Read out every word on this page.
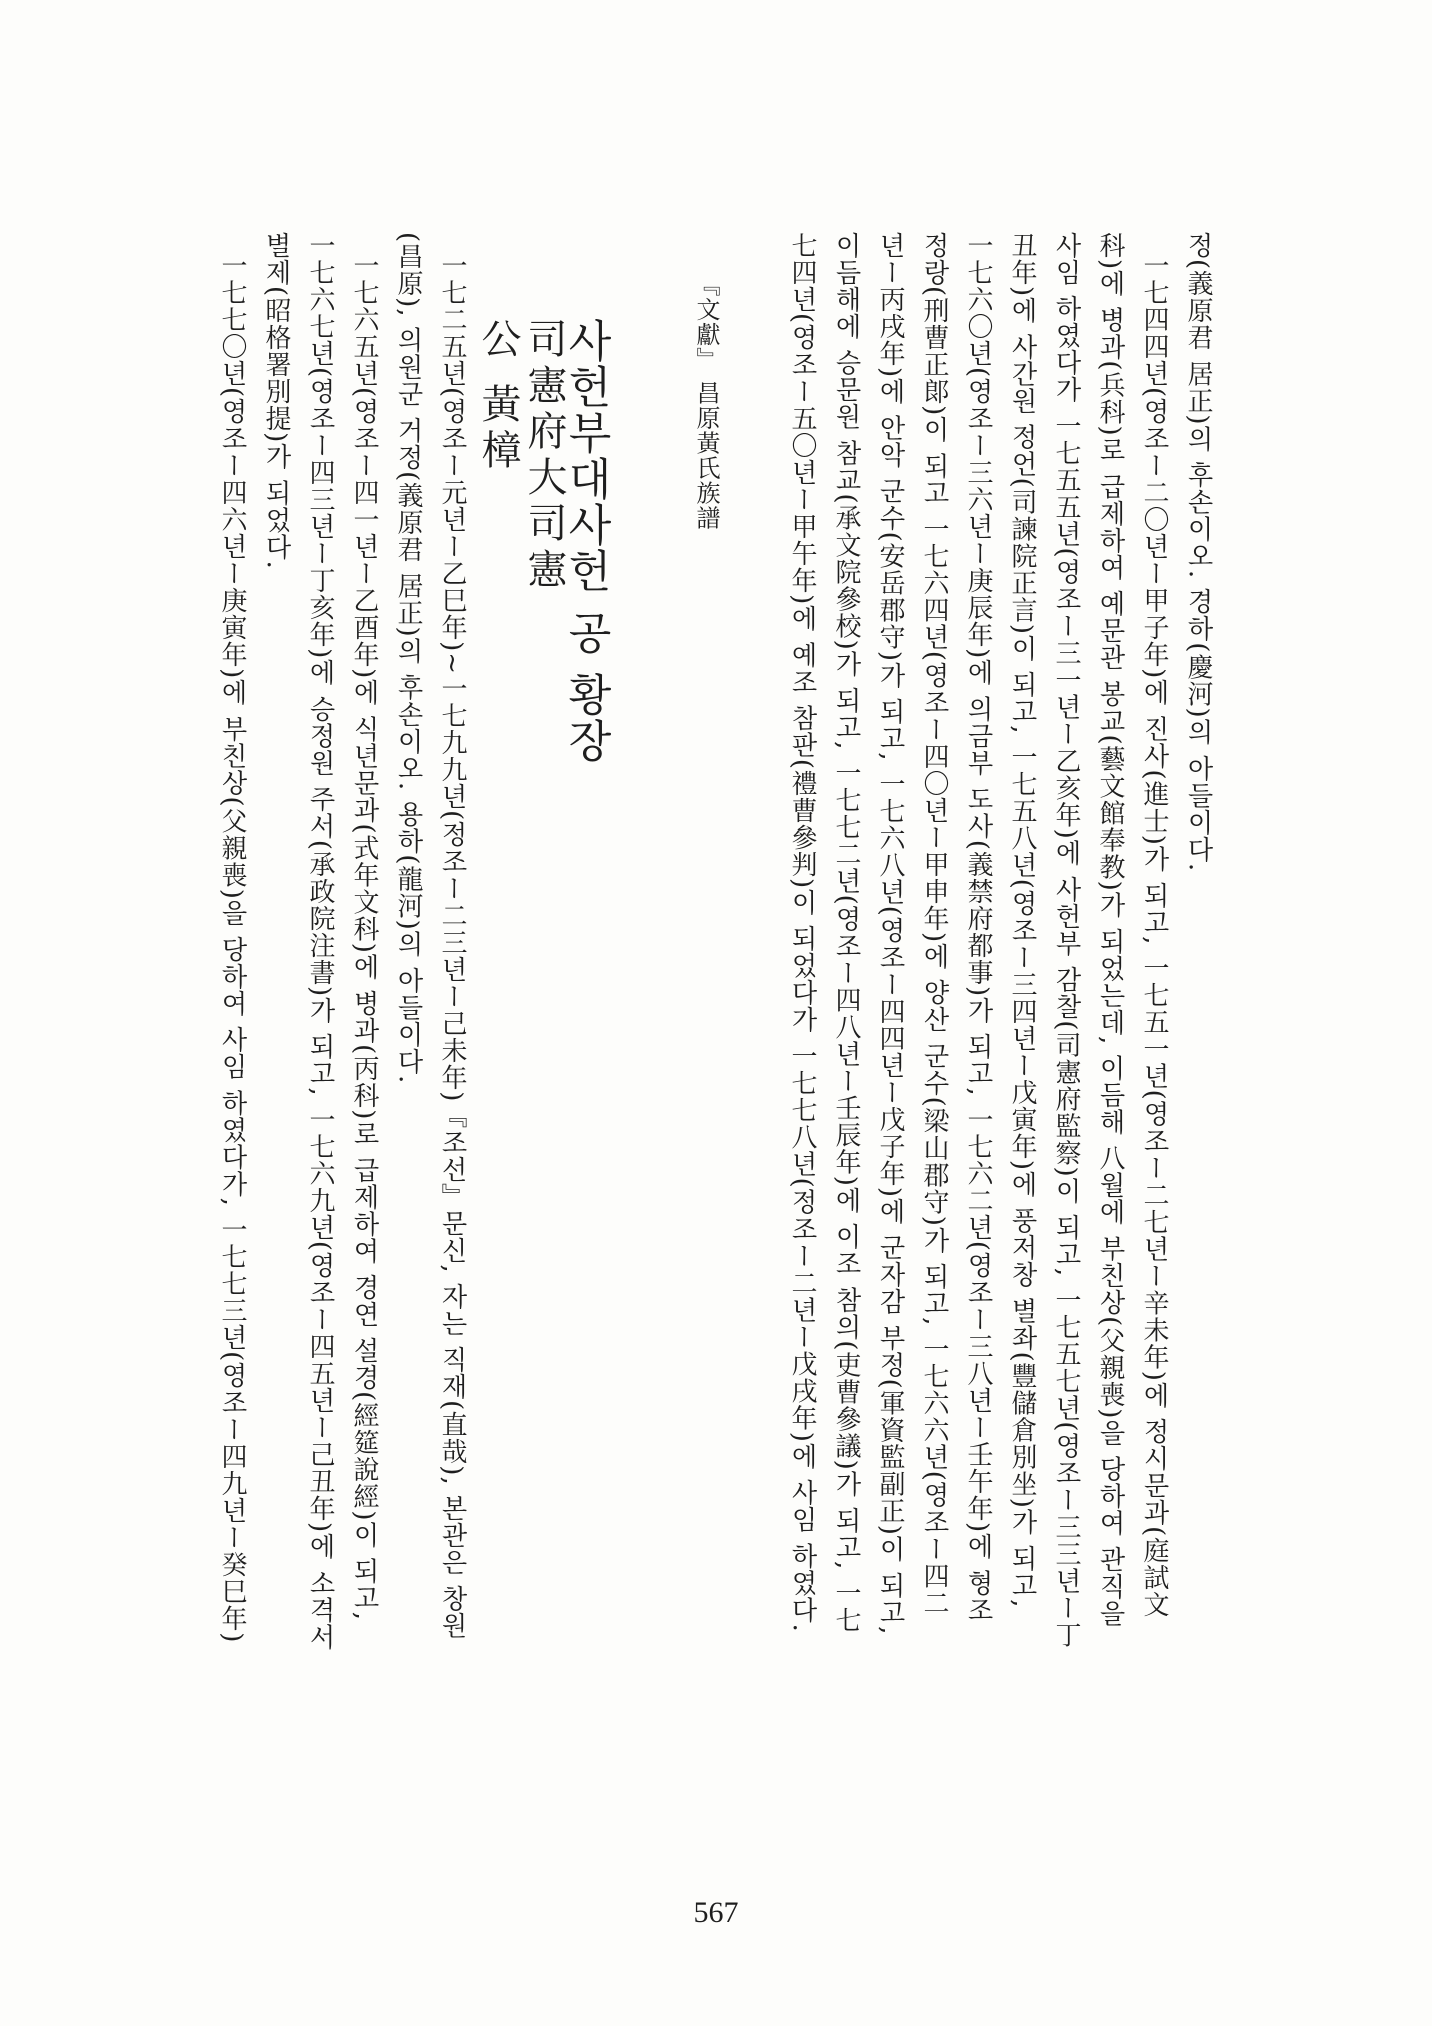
정(義原君 居正)의 후손이오. 경하(慶河)의 아들이다.
一七四四년(영조ー二〇년ー甲子年)에 진사(進士)가 되고, 一七五一년(영조ー二七년ー辛未年)에 정시문과(庭試文
科)에 병과(兵科)로 급제하여 예문관 봉교(藝文館奉教)가 되었는데, 이듬해 八월에 부친상(父親喪)을 당하여 관직을
사임 하였다가 一七五五년(영조ー三一년ー乙亥年)에 사헌부 감찰(司憲府監察)이 되고, 一七五七년(영조ー三三년ー丁
丑年)에 사간원 정언(司諫院正言)이 되고, 一七五八년(영조ー三四년ー戊寅年)에 풍저창 별좌(豐儲倉別坐)가 되고,
一七六〇년(영조ー三六년ー庚辰年)에 의금부 도사(義禁府都事)가 되고, 一七六二년(영조ー三八년ー壬午年)에 형조
정랑(刑曹正郞)이 되고 一七六四년(영조ー四〇년ー甲申年)에 양산 군수(梁山郡守)가 되고, 一七六六년(영조ー四二
년ー丙戌年)에 안악 군수(安岳郡守)가 되고, 一七六八년(영조ー四四년ー戊子年)에 군자감 부정(軍資監副正)이 되고,
이듬해에 승문원 참교(承文院參校)가 되고, 一七七二년(영조ー四八년ー壬辰年)에 이조 참의(吏曹參議)가 되고, 一七
七四년(영조ー五〇년ー甲午年)에 예조 참판(禮曹參判)이 되었다가 一七七八년(정조ー二년ー戊戌年)에 사임 하였다.
『文獻』 昌原黃氏族譜
사헌부대사헌 공 황장
司憲府大司憲
公 黃樟
一七二五년(영조ー元년ー乙巳年)~一七九九년(정조ー二三년ー己未年)『조선』문신, 자는 직재(直哉), 본관은 창원
(昌原), 의원군 거정(義原君 居正)의 후손이오. 용하(龍河)의 아들이다.
一七六五년(영조ー四一년ー乙酉年)에 식년문과(式年文科)에 병과(丙科)로 급제하여 경연 설경(經筵說經)이 되고,
一七六七년(영조ー四三년ー丁亥年)에 승정원 주서(承政院注書)가 되고, 一七六九년(영조ー四五년ー己丑年)에 소격서
별제(昭格署別提)가 되었다.
一七七〇년(영조ー四六년ー庚寅年)에 부친상(父親喪)을 당하여 사임 하였다가, 一七七三년(영조ー四九년ー癸巳年)
567
